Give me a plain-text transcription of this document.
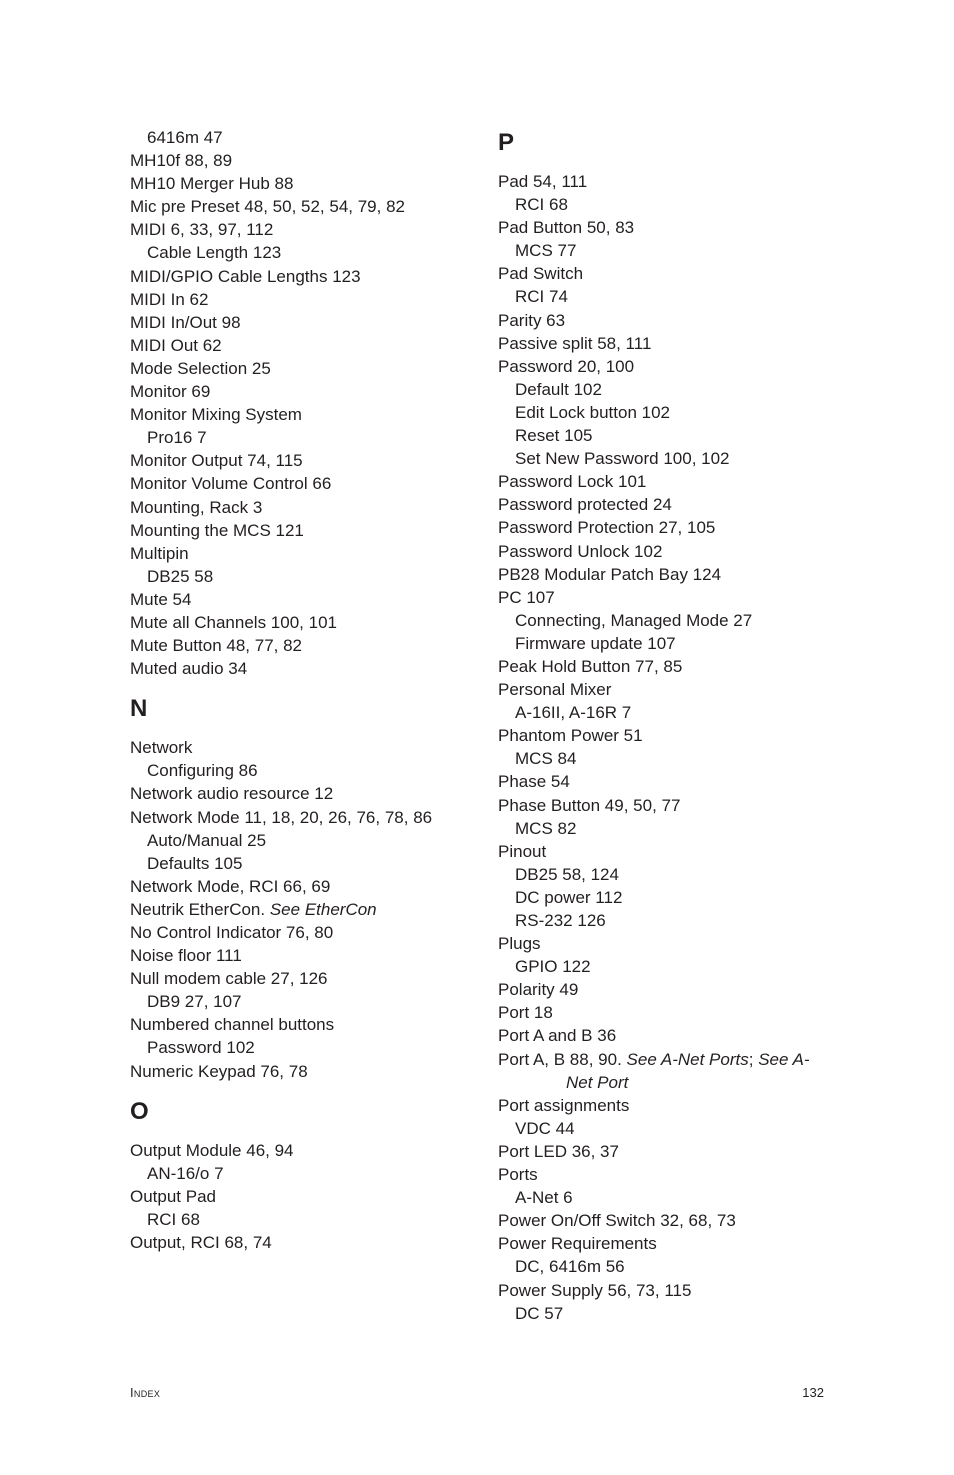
6416m 47
MH10f 88, 89
MH10 Merger Hub 88
Mic pre Preset 48, 50, 52, 54, 79, 82
MIDI 6, 33, 97, 112
Cable Length 123
MIDI/GPIO Cable Lengths 123
MIDI In 62
MIDI In/Out 98
MIDI Out 62
Mode Selection 25
Monitor 69
Monitor Mixing System
Pro16 7
Monitor Output 74, 115
Monitor Volume Control 66
Mounting, Rack 3
Mounting the MCS 121
Multipin
DB25 58
Mute 54
Mute all Channels 100, 101
Mute Button 48, 77, 82
Muted audio 34
N
Network
Configuring 86
Network audio resource 12
Network Mode 11, 18, 20, 26, 76, 78, 86
Auto/Manual 25
Defaults 105
Network Mode, RCI 66, 69
Neutrik EtherCon. See EtherCon
No Control Indicator 76, 80
Noise floor 111
Null modem cable 27, 126
DB9 27, 107
Numbered channel buttons
Password 102
Numeric Keypad 76, 78
O
Output Module 46, 94
AN-16/o 7
Output Pad
RCI 68
Output, RCI 68, 74
P
Pad 54, 111
RCI 68
Pad Button 50, 83
MCS 77
Pad Switch
RCI 74
Parity 63
Passive split 58, 111
Password 20, 100
Default 102
Edit Lock button 102
Reset 105
Set New Password 100, 102
Password Lock 101
Password protected 24
Password Protection 27, 105
Password Unlock 102
PB28 Modular Patch Bay 124
PC 107
Connecting, Managed Mode 27
Firmware update 107
Peak Hold Button 77, 85
Personal Mixer
A-16II, A-16R 7
Phantom Power 51
MCS 84
Phase 54
Phase Button 49, 50, 77
MCS 82
Pinout
DB25 58, 124
DC power 112
RS-232 126
Plugs
GPIO 122
Polarity 49
Port 18
Port A and B 36
Port A, B 88, 90. See A-Net Ports; See A-
Net Port
Port assignments
VDC 44
Port LED 36, 37
Ports
A-Net 6
Power On/Off Switch 32, 68, 73
Power Requirements
DC, 6416m 56
Power Supply 56, 73, 115
DC 57
Index	132
